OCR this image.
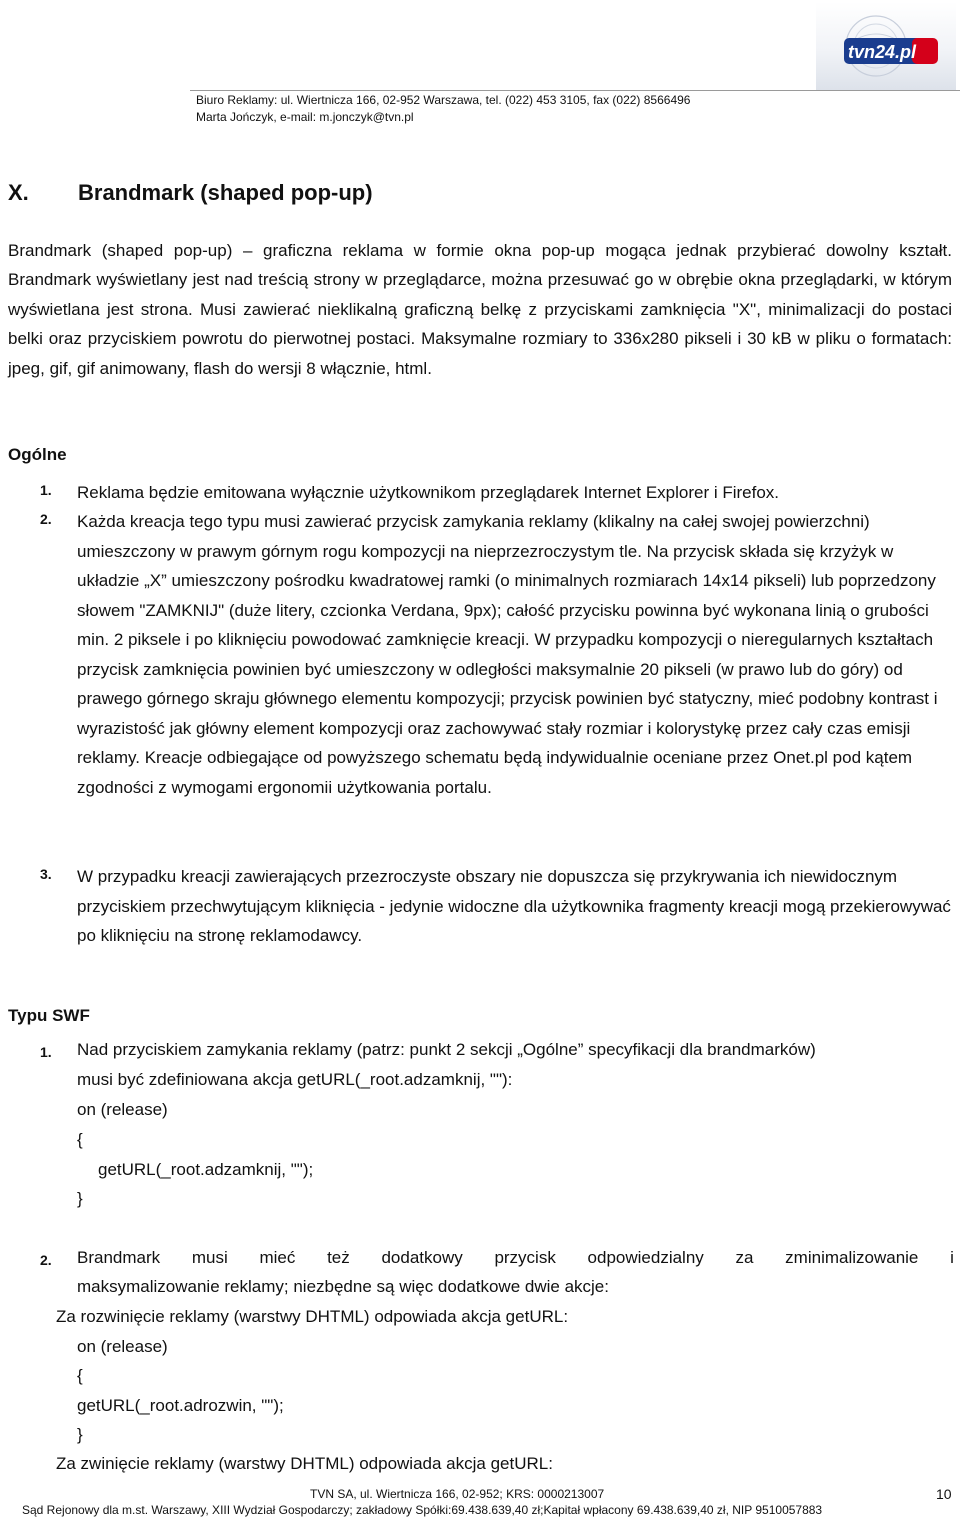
tvn24.pl
Biuro Reklamy: ul. Wiertnicza 166, 02-952 Warszawa, tel. (022) 453 3105, fax (022) 8566496
Marta Jończyk, e-mail: m.jonczyk@tvn.pl
X. Brandmark (shaped pop-up)

Brandmark (shaped pop-up) – graficzna reklama w formie okna pop-up mogąca jednak przybierać dowolny kształt. Brandmark wyświetlany jest nad treścią strony w przeglądarce, można przesuwać go w obrębie okna przeglądarki, w którym wyświetlana jest strona. Musi zawierać nieklikalną graficzną belkę z przyciskami zamknięcia "X", minimalizacji do postaci belki oraz przyciskiem powrotu do pierwotnej postaci. Maksymalne rozmiary to 336x280 pikseli i 30 kB w pliku o formatach: jpeg, gif, gif animowany, flash do wersji 8 włącznie, html.

Ogólne
1. Reklama będzie emitowana wyłącznie użytkownikom przeglądarek Internet Explorer i Firefox.
2. Każda kreacja tego typu musi zawierać przycisk zamykania reklamy (klikalny na całej swojej powierzchni) umieszczony w prawym górnym rogu kompozycji na nieprzezroczystym tle. Na przycisk składa się krzyżyk w układzie „X” umieszczony pośrodku kwadratowej ramki (o minimalnych rozmiarach 14x14 pikseli) lub poprzedzony słowem "ZAMKNIJ" (duże litery, czcionka Verdana, 9px); całość przycisku powinna być wykonana linią o grubości min. 2 piksele i po kliknięciu powodować zamknięcie kreacji. W przypadku kompozycji o nieregularnych kształtach przycisk zamknięcia powinien być umieszczony w odległości maksymalnie 20 pikseli (w prawo lub do góry) od prawego górnego skraju głównego elementu kompozycji; przycisk powinien być statyczny, mieć podobny kontrast i wyrazistość jak główny element kompozycji oraz zachowywać stały rozmiar i kolorystykę przez cały czas emisji reklamy. Kreacje odbiegające od powyższego schematu będą indywidualnie oceniane przez Onet.pl pod kątem zgodności z wymogami ergonomii użytkowania portalu.
3. W przypadku kreacji zawierających przezroczyste obszary nie dopuszcza się przykrywania ich niewidocznym przyciskiem przechwytującym kliknięcia - jedynie widoczne dla użytkownika fragmenty kreacji mogą przekierowywać po kliknięciu na stronę reklamodawcy.
Typu SWF
1. Nad przyciskiem zamykania reklamy (patrz: punkt 2 sekcji „Ogólne” specyfikacji dla brandmarków)
musi być zdefiniowana akcja getURL(_root.adzamknij, ""):
on (release)
{
getURL(_root.adzamknij, "");
}
2. Brandmark musi mieć też dodatkowy przycisk odpowiedzialny za zminimalizowanie i
maksymalizowanie reklamy; niezbędne są więc dodatkowe dwie akcje:
Za rozwinięcie reklamy (warstwy DHTML) odpowiada akcja getURL:
on (release)
{
getURL(_root.adrozwin, "");
}
Za zwinięcie reklamy (warstwy DHTML) odpowiada akcja getURL:
TVN SA, ul. Wiertnicza 166, 02-952; KRS: 0000213007
Sąd Rejonowy dla m.st. Warszawy, XIII Wydział Gospodarczy; zakładowy Spółki:69.438.639,40 zł;Kapitał wpłacony 69.438.639,40 zł, NIP 9510057883
10
